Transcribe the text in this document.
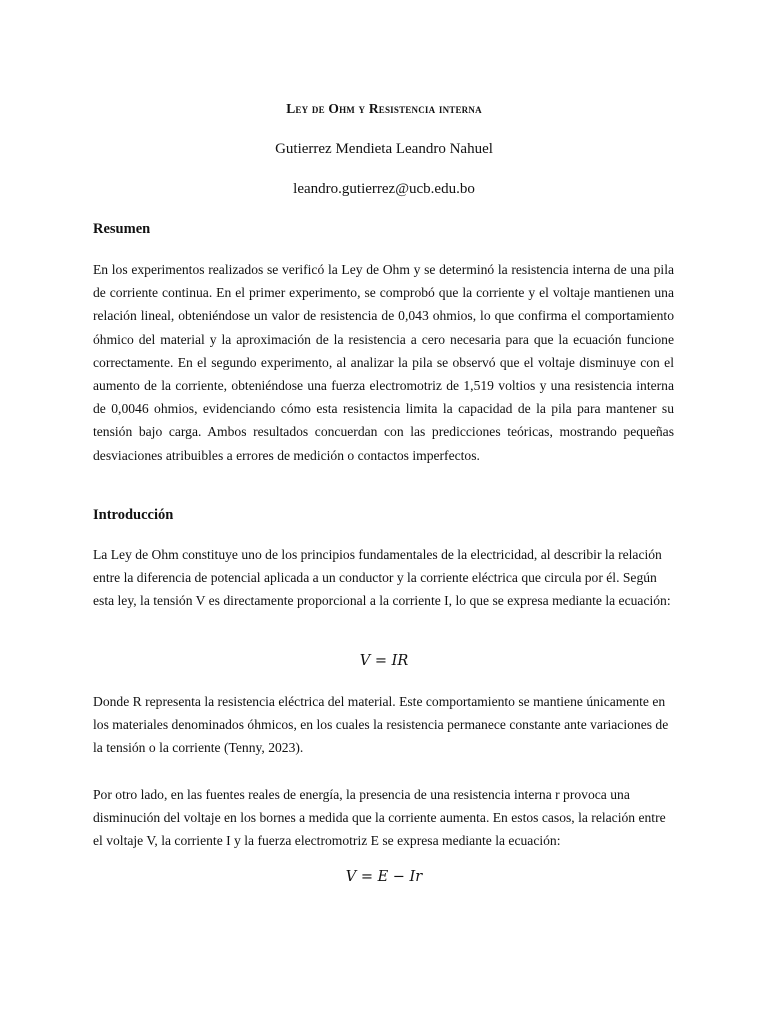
Ley de Ohm y Resistencia interna
Gutierrez Mendieta Leandro Nahuel
leandro.gutierrez@ucb.edu.bo
Resumen

En los experimentos realizados se verificó la Ley de Ohm y se determinó la resistencia interna de una pila de corriente continua. En el primer experimento, se comprobó que la corriente y el voltaje mantienen una relación lineal, obteniéndose un valor de resistencia de 0,043 ohmios, lo que confirma el comportamiento óhmico del material y la aproximación de la resistencia a cero necesaria para que la ecuación funcione correctamente. En el segundo experimento, al analizar la pila se observó que el voltaje disminuye con el aumento de la corriente, obteniéndose una fuerza electromotriz de 1,519 voltios y una resistencia interna de 0,0046 ohmios, evidenciando cómo esta resistencia limita la capacidad de la pila para mantener su tensión bajo carga. Ambos resultados concuerdan con las predicciones teóricas, mostrando pequeñas desviaciones atribuibles a errores de medición o contactos imperfectos.

Introducción

La Ley de Ohm constituye uno de los principios fundamentales de la electricidad, al describir la relación entre la diferencia de potencial aplicada a un conductor y la corriente eléctrica que circula por él. Según esta ley, la tensión V es directamente proporcional a la corriente I, lo que se expresa mediante la ecuación:

V = IR

Donde R representa la resistencia eléctrica del material. Este comportamiento se mantiene únicamente en los materiales denominados óhmicos, en los cuales la resistencia permanece constante ante variaciones de la tensión o la corriente (Tenny, 2023).

Por otro lado, en las fuentes reales de energía, la presencia de una resistencia interna r provoca una disminución del voltaje en los bornes a medida que la corriente aumenta. En estos casos, la relación entre el voltaje V, la corriente I y la fuerza electromotriz E se expresa mediante la ecuación:

V = E − Ir
